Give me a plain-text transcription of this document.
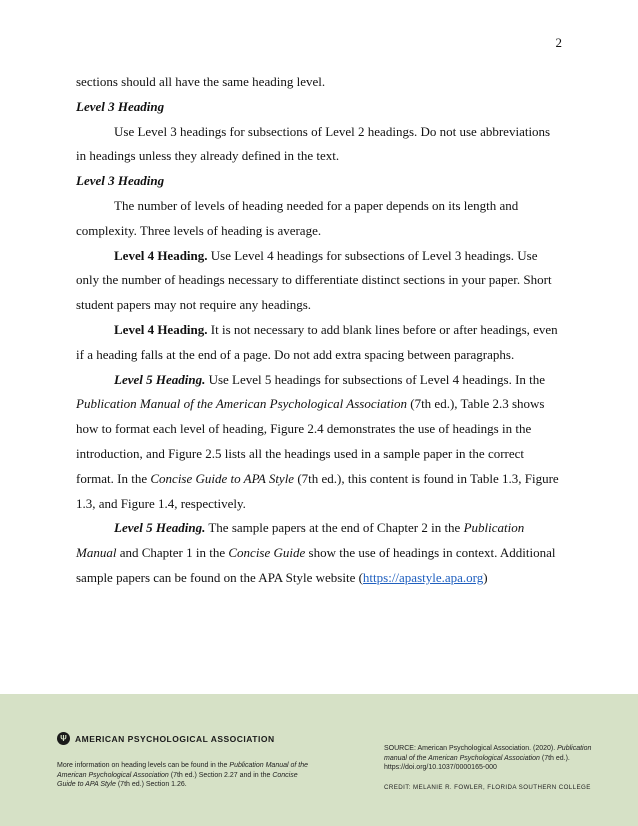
2

sections should all have the same heading level.

Level 3 Heading

Use Level 3 headings for subsections of Level 2 headings. Do not use abbreviations in headings unless they already defined in the text.

Level 3 Heading

The number of levels of heading needed for a paper depends on its length and complexity. Three levels of heading is average.

Level 4 Heading. Use Level 4 headings for subsections of Level 3 headings. Use only the number of headings necessary to differentiate distinct sections in your paper. Short student papers may not require any headings.

Level 4 Heading. It is not necessary to add blank lines before or after headings, even if a heading falls at the end of a page. Do not add extra spacing between paragraphs.

Level 5 Heading. Use Level 5 headings for subsections of Level 4 headings. In the Publication Manual of the American Psychological Association (7th ed.), Table 2.3 shows how to format each level of heading, Figure 2.4 demonstrates the use of headings in the introduction, and Figure 2.5 lists all the headings used in a sample paper in the correct format. In the Concise Guide to APA Style (7th ed.), this content is found in Table 1.3, Figure 1.3, and Figure 1.4, respectively.

Level 5 Heading. The sample papers at the end of Chapter 2 in the Publication Manual and Chapter 1 in the Concise Guide show the use of headings in context. Additional sample papers can be found on the APA Style website (https://apastyle.apa.org)

Ψ AMERICAN PSYCHOLOGICAL ASSOCIATION
More information on heading levels can be found in the Publication Manual of the American Psychological Association (7th ed.) Section 2.27 and in the Concise Guide to APA Style (7th ed.) Section 1.26.
SOURCE: American Psychological Association. (2020). Publication manual of the American Psychological Association (7th ed.). https://doi.org/10.1037/0000165-000
CREDIT: MELANIE R. FOWLER, FLORIDA SOUTHERN COLLEGE
